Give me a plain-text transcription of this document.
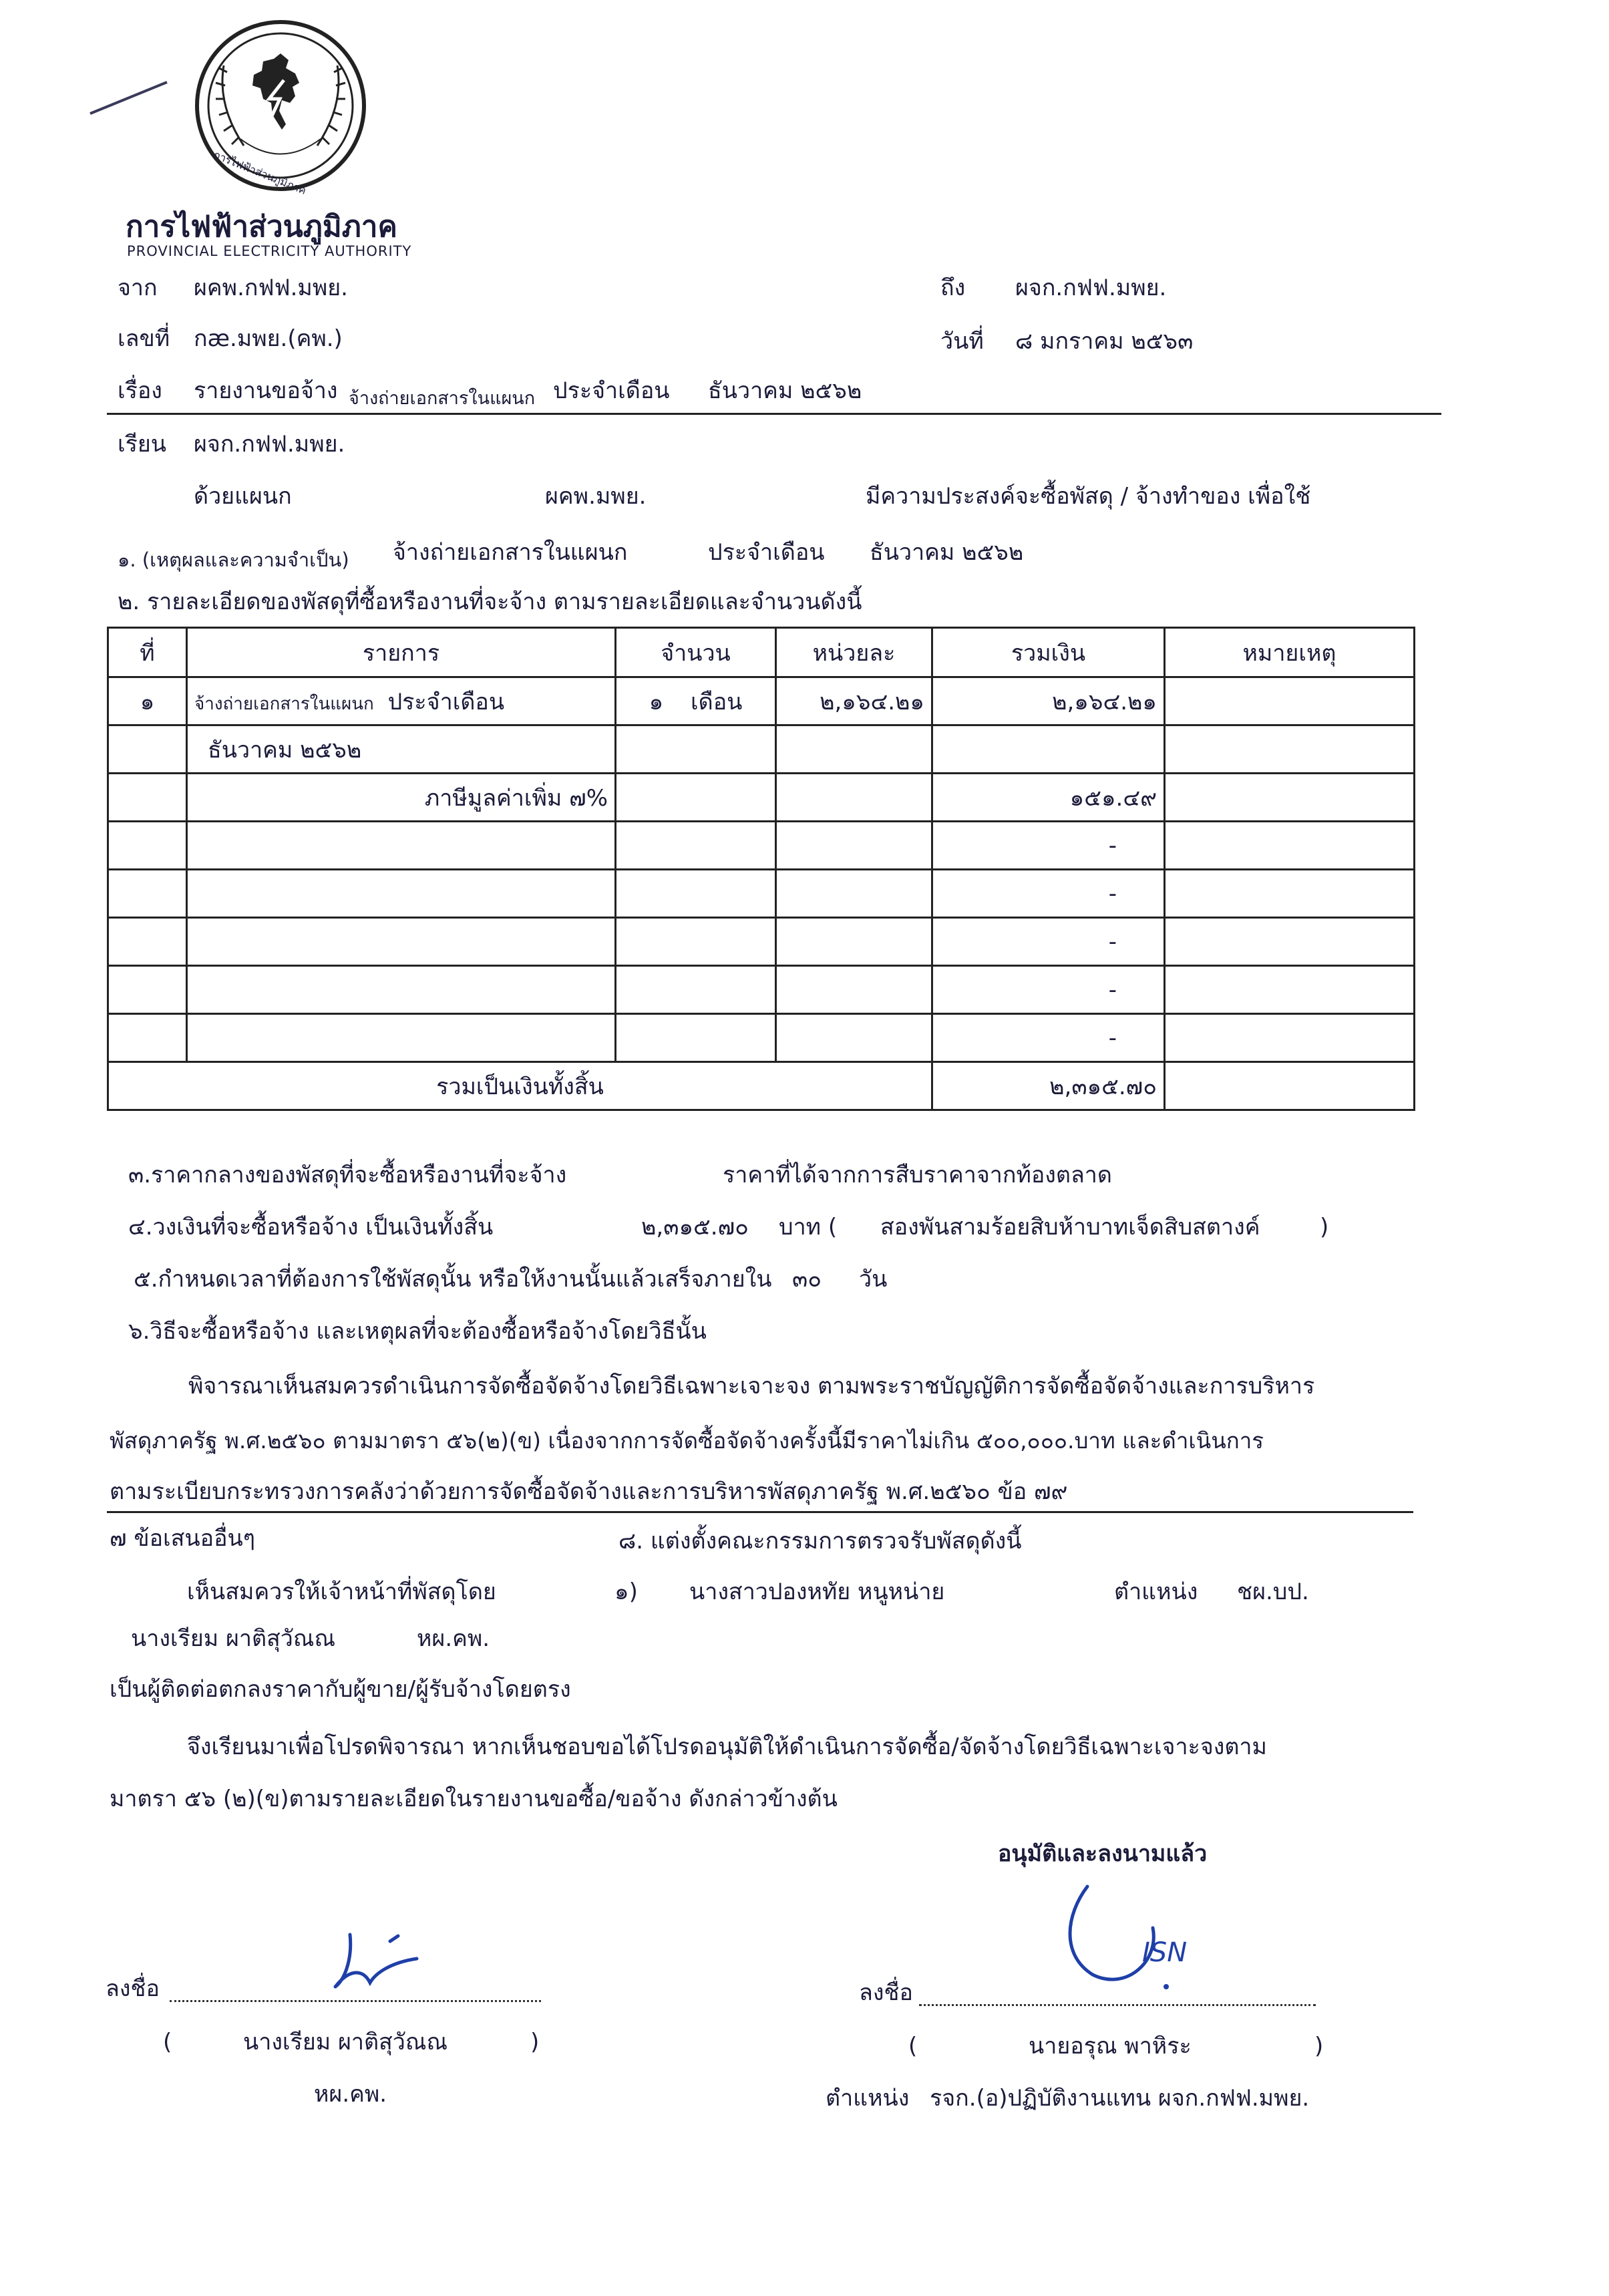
การไฟฟ้าส่วนภูมิภาค
การไฟฟ้าส่วนภูมิภาค
PROVINCIAL ELECTRICITY AUTHORITY
จาก ผคพ.กฟฟ.มพย.	ถึง ผจก.กฟฟ.มพย.
เลขที่ กæ.มพย.(คพ.)	วันที่ ๘ มกราคม ๒๕๖๓
เรื่อง รายงานขอจ้าง จ้างถ่ายเอกสารในแผนก ประจำเดือน ธันวาคม ๒๕๖๒
เรียน ผจก.กฟฟ.มพย.
ด้วยแผนก	ผคพ.มพย.	มีความประสงค์จะซื้อพัสดุ / จ้างทำของ เพื่อใช้
๑. (เหตุผลและความจำเป็น) จ้างถ่ายเอกสารในแผนก	ประจำเดือน ธันวาคม ๒๕๖๒
๒. รายละเอียดของพัสดุที่ซื้อหรืองานที่จะจ้าง ตามรายละเอียดและจำนวนดังนี้
ที่	รายการ	จำนวน	หน่วยละ	รวมเงิน	หมายเหตุ
๑	จ้างถ่ายเอกสารในแผนก ประจำเดือน	๑ เดือน	๒,๑๖๔.๒๑	๒,๑๖๔.๒๑	
	ธันวาคม ๒๕๖๒				
	ภาษีมูลค่าเพิ่ม ๗%			๑๕๑.๔๙	
				-	
				-	
				-	
				-	
				-	
รวมเป็นเงินทั้งสิ้น				๒,๓๑๕.๗๐	
๓.ราคากลางของพัสดุที่จะซื้อหรืองานที่จะจ้าง	ราคาที่ได้จากการสืบราคาจากท้องตลาด
๔.วงเงินที่จะซื้อหรือจ้าง เป็นเงินทั้งสิ้น	๒,๓๑๕.๗๐ บาท ( สองพันสามร้อยสิบห้าบาทเจ็ดสิบสตางค์	)
๕.กำหนดเวลาที่ต้องการใช้พัสดุนั้น หรือให้งานนั้นแล้วเสร็จภายใน ๓๐ วัน
๖.วิธีจะซื้อหรือจ้าง และเหตุผลที่จะต้องซื้อหรือจ้างโดยวิธีนั้น
พิจารณาเห็นสมควรดำเนินการจัดซื้อจัดจ้างโดยวิธีเฉพาะเจาะจง ตามพระราชบัญญัติการจัดซื้อจัดจ้างและการบริหาร
พัสดุภาครัฐ พ.ศ.๒๕๖๐ ตามมาตรา ๕๖(๒)(ข) เนื่องจากการจัดซื้อจัดจ้างครั้งนี้มีราคาไม่เกิน ๕๐๐,๐๐๐.บาท และดำเนินการ
ตามระเบียบกระทรวงการคลังว่าด้วยการจัดซื้อจัดจ้างและการบริหารพัสดุภาครัฐ พ.ศ.๒๕๖๐ ข้อ ๗๙
๗ ข้อเสนออื่นๆ	๘. แต่งตั้งคณะกรรมการตรวจรับพัสดุดังนี้
เห็นสมควรให้เจ้าหน้าที่พัสดุโดย	๑) นางสาวปองหทัย หนูหน่าย	ตำแหน่ง ชผ.บป.
นางเรียม ผาติสุวัณณ	หผ.คพ.
เป็นผู้ติดต่อตกลงราคากับผู้ขาย/ผู้รับจ้างโดยตรง
จึงเรียนมาเพื่อโปรดพิจารณา หากเห็นชอบขอได้โปรดอนุมัติให้ดำเนินการจัดซื้อ/จัดจ้างโดยวิธีเฉพาะเจาะจงตาม
มาตรา ๕๖ (๒)(ข)ตามรายละเอียดในรายงานขอซื้อ/ขอจ้าง ดังกล่าวข้างต้น
อนุมัติและลงนามแล้ว
ลงชื่อ
(	นางเรียม ผาติสุวัณณ	)
หผ.คพ.
ลงชื่อ
ISN
(	นายอรุณ พาหิระ	)
ตำแหน่ง รจก.(อ)ปฏิบัติงานแทน ผจก.กฟฟ.มพย.
